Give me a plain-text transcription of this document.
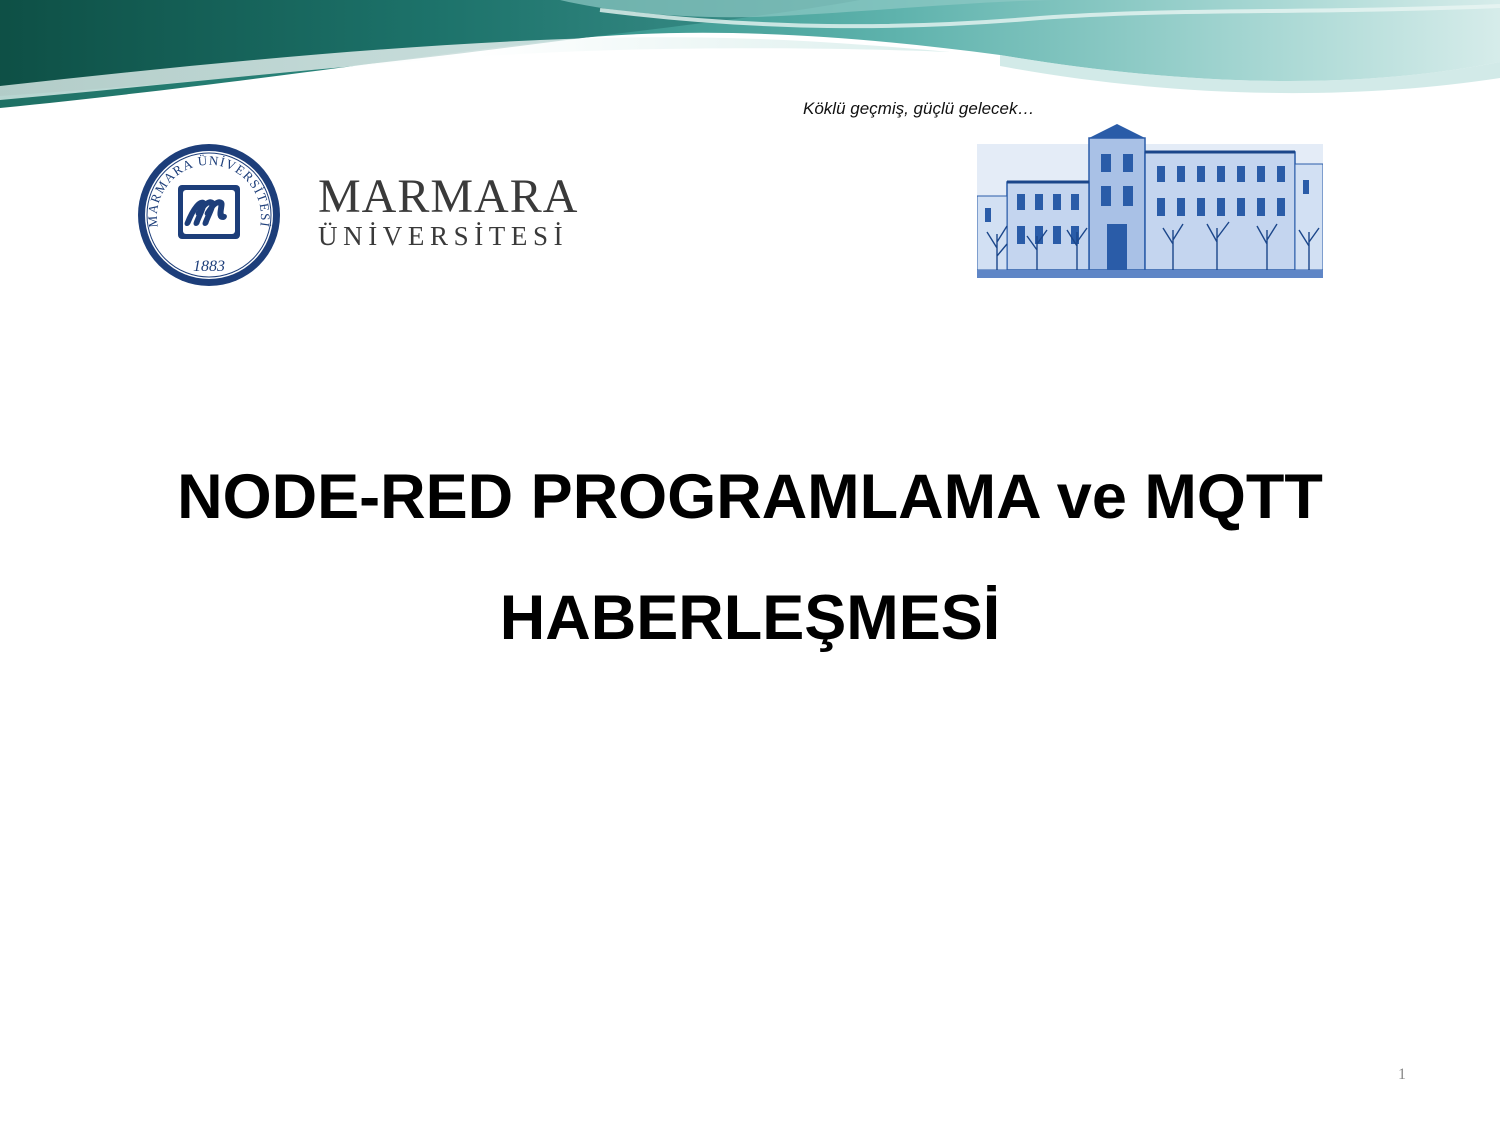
Köklü geçmiş, güçlü gelecek…
MARMARA ÜNİVERSİTESİ
1883
MARMARA
ÜNİVERSİTESİ
NODE-RED PROGRAMLAMA ve MQTT
HABERLEŞMESİ
1
